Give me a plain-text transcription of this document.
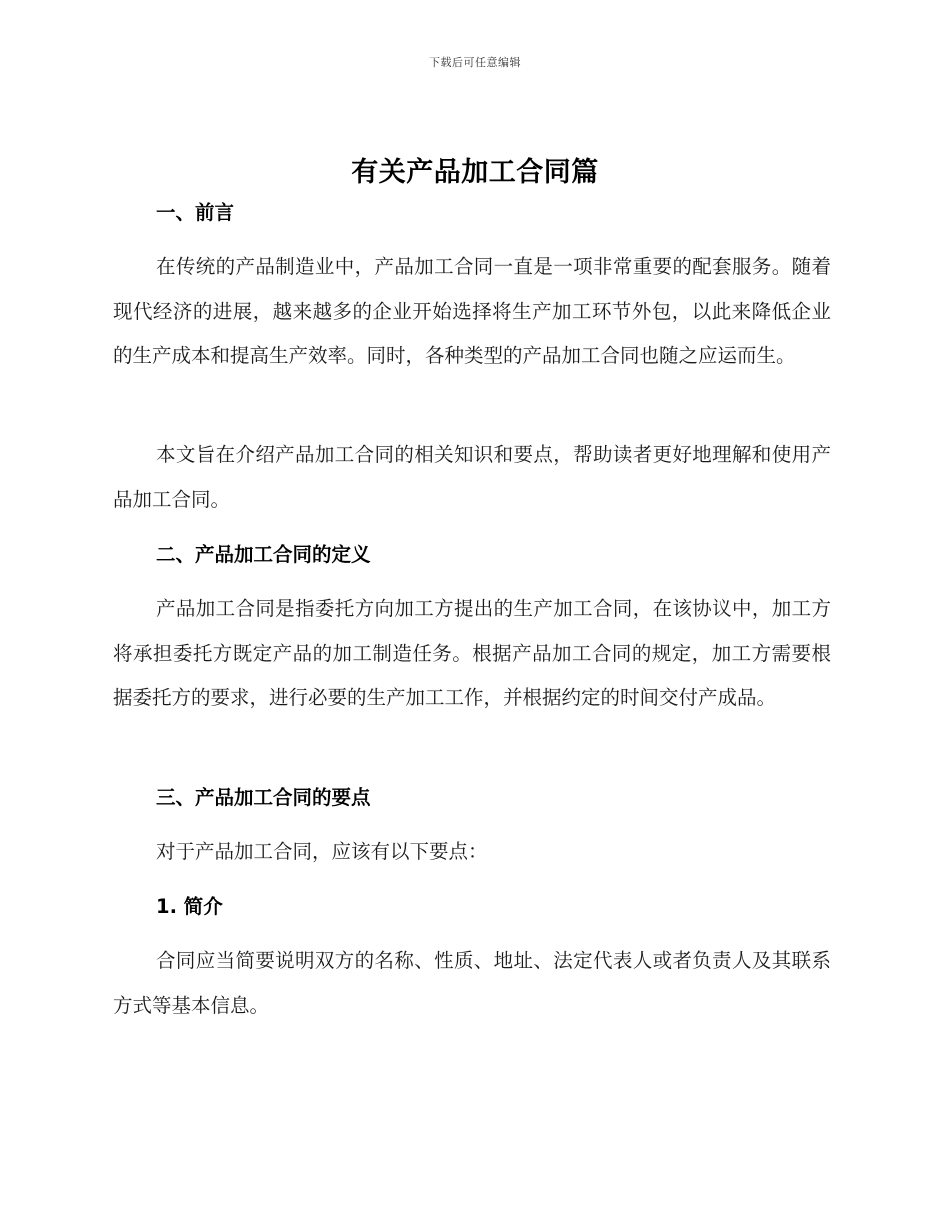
下载后可任意编辑
有关产品加工合同篇
一、前言

在传统的产品制造业中，产品加工合同一直是一项非常重要的配套服务。随着现代经济的进展，越来越多的企业开始选择将生产加工环节外包，以此来降低企业的生产成本和提高生产效率。同时，各种类型的产品加工合同也随之应运而生。

本文旨在介绍产品加工合同的相关知识和要点，帮助读者更好地理解和使用产品加工合同。

二、产品加工合同的定义

产品加工合同是指委托方向加工方提出的生产加工合同，在该协议中，加工方将承担委托方既定产品的加工制造任务。根据产品加工合同的规定，加工方需要根据委托方的要求，进行必要的生产加工工作，并根据约定的时间交付产成品。

三、产品加工合同的要点

对于产品加工合同，应该有以下要点：

1. 简介

合同应当简要说明双方的名称、性质、地址、法定代表人或者负责人及其联系方式等基本信息。
